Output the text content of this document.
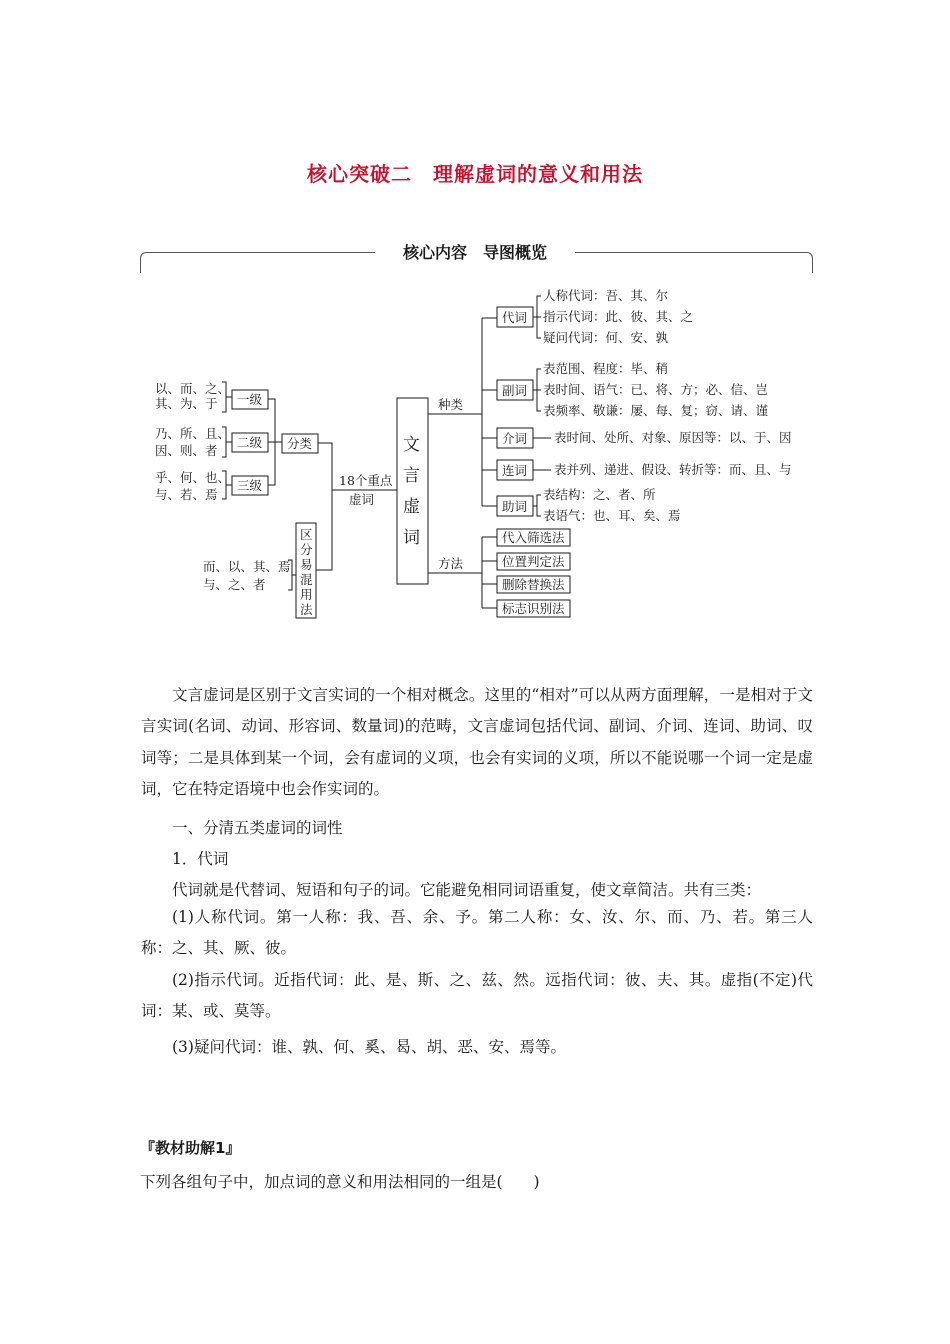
核心突破二　理解虚词的意义和用法
核心内容　导图概览
以、而、之、
其、为、于
乃、所、且、
因、则、者
乎、何、也、
与、若、焉
一级
二级
三级
分类
18个重点
虚词
而、以、其、焉
与、之、者
区
分
易
混
用
法
种类
方法
代词
副词
介词
连词
助词
人称代词：吾、其、尔
指示代词：此、彼、其、之
疑问代词：何、安、孰
表范围、程度：毕、稍
表时间、语气：已、将、方；必、信、岂
表频率、敬谦：屡、每、复；窃、请、谨
表时间、处所、对象、原因等：以、于、因
表并列、递进、假设、转折等：而、且、与
表结构：之、者、所
表语气：也、耳、矣、焉
代入筛选法
位置判定法
删除替换法
标志识别法
文
言
虚
词
文言虚词是区别于文言实词的一个相对概念。这里的“相对”可以从两方面理解，一是相对于文言实词(名词、动词、形容词、数量词)的范畴，文言虚词包括代词、副词、介词、连词、助词、叹词等；二是具体到某一个词，会有虚词的义项，也会有实词的义项，所以不能说哪一个词一定是虚词，它在特定语境中也会作实词的。
一、分清五类虚词的词性
1．代词
代词就是代替词、短语和句子的词。它能避免相同词语重复，使文章简洁。共有三类：
(1)人称代词。第一人称：我、吾、余、予。第二人称：女、汝、尔、而、乃、若。第三人称：之、其、厥、彼。
(2)指示代词。近指代词：此、是、斯、之、兹、然。远指代词：彼、夫、其。虚指(不定)代词：某、或、莫等。
(3)疑问代词：谁、孰、何、奚、曷、胡、恶、安、焉等。
『教材助解1』
下列各组句子中，加点词的意义和用法相同的一组是(　　)
